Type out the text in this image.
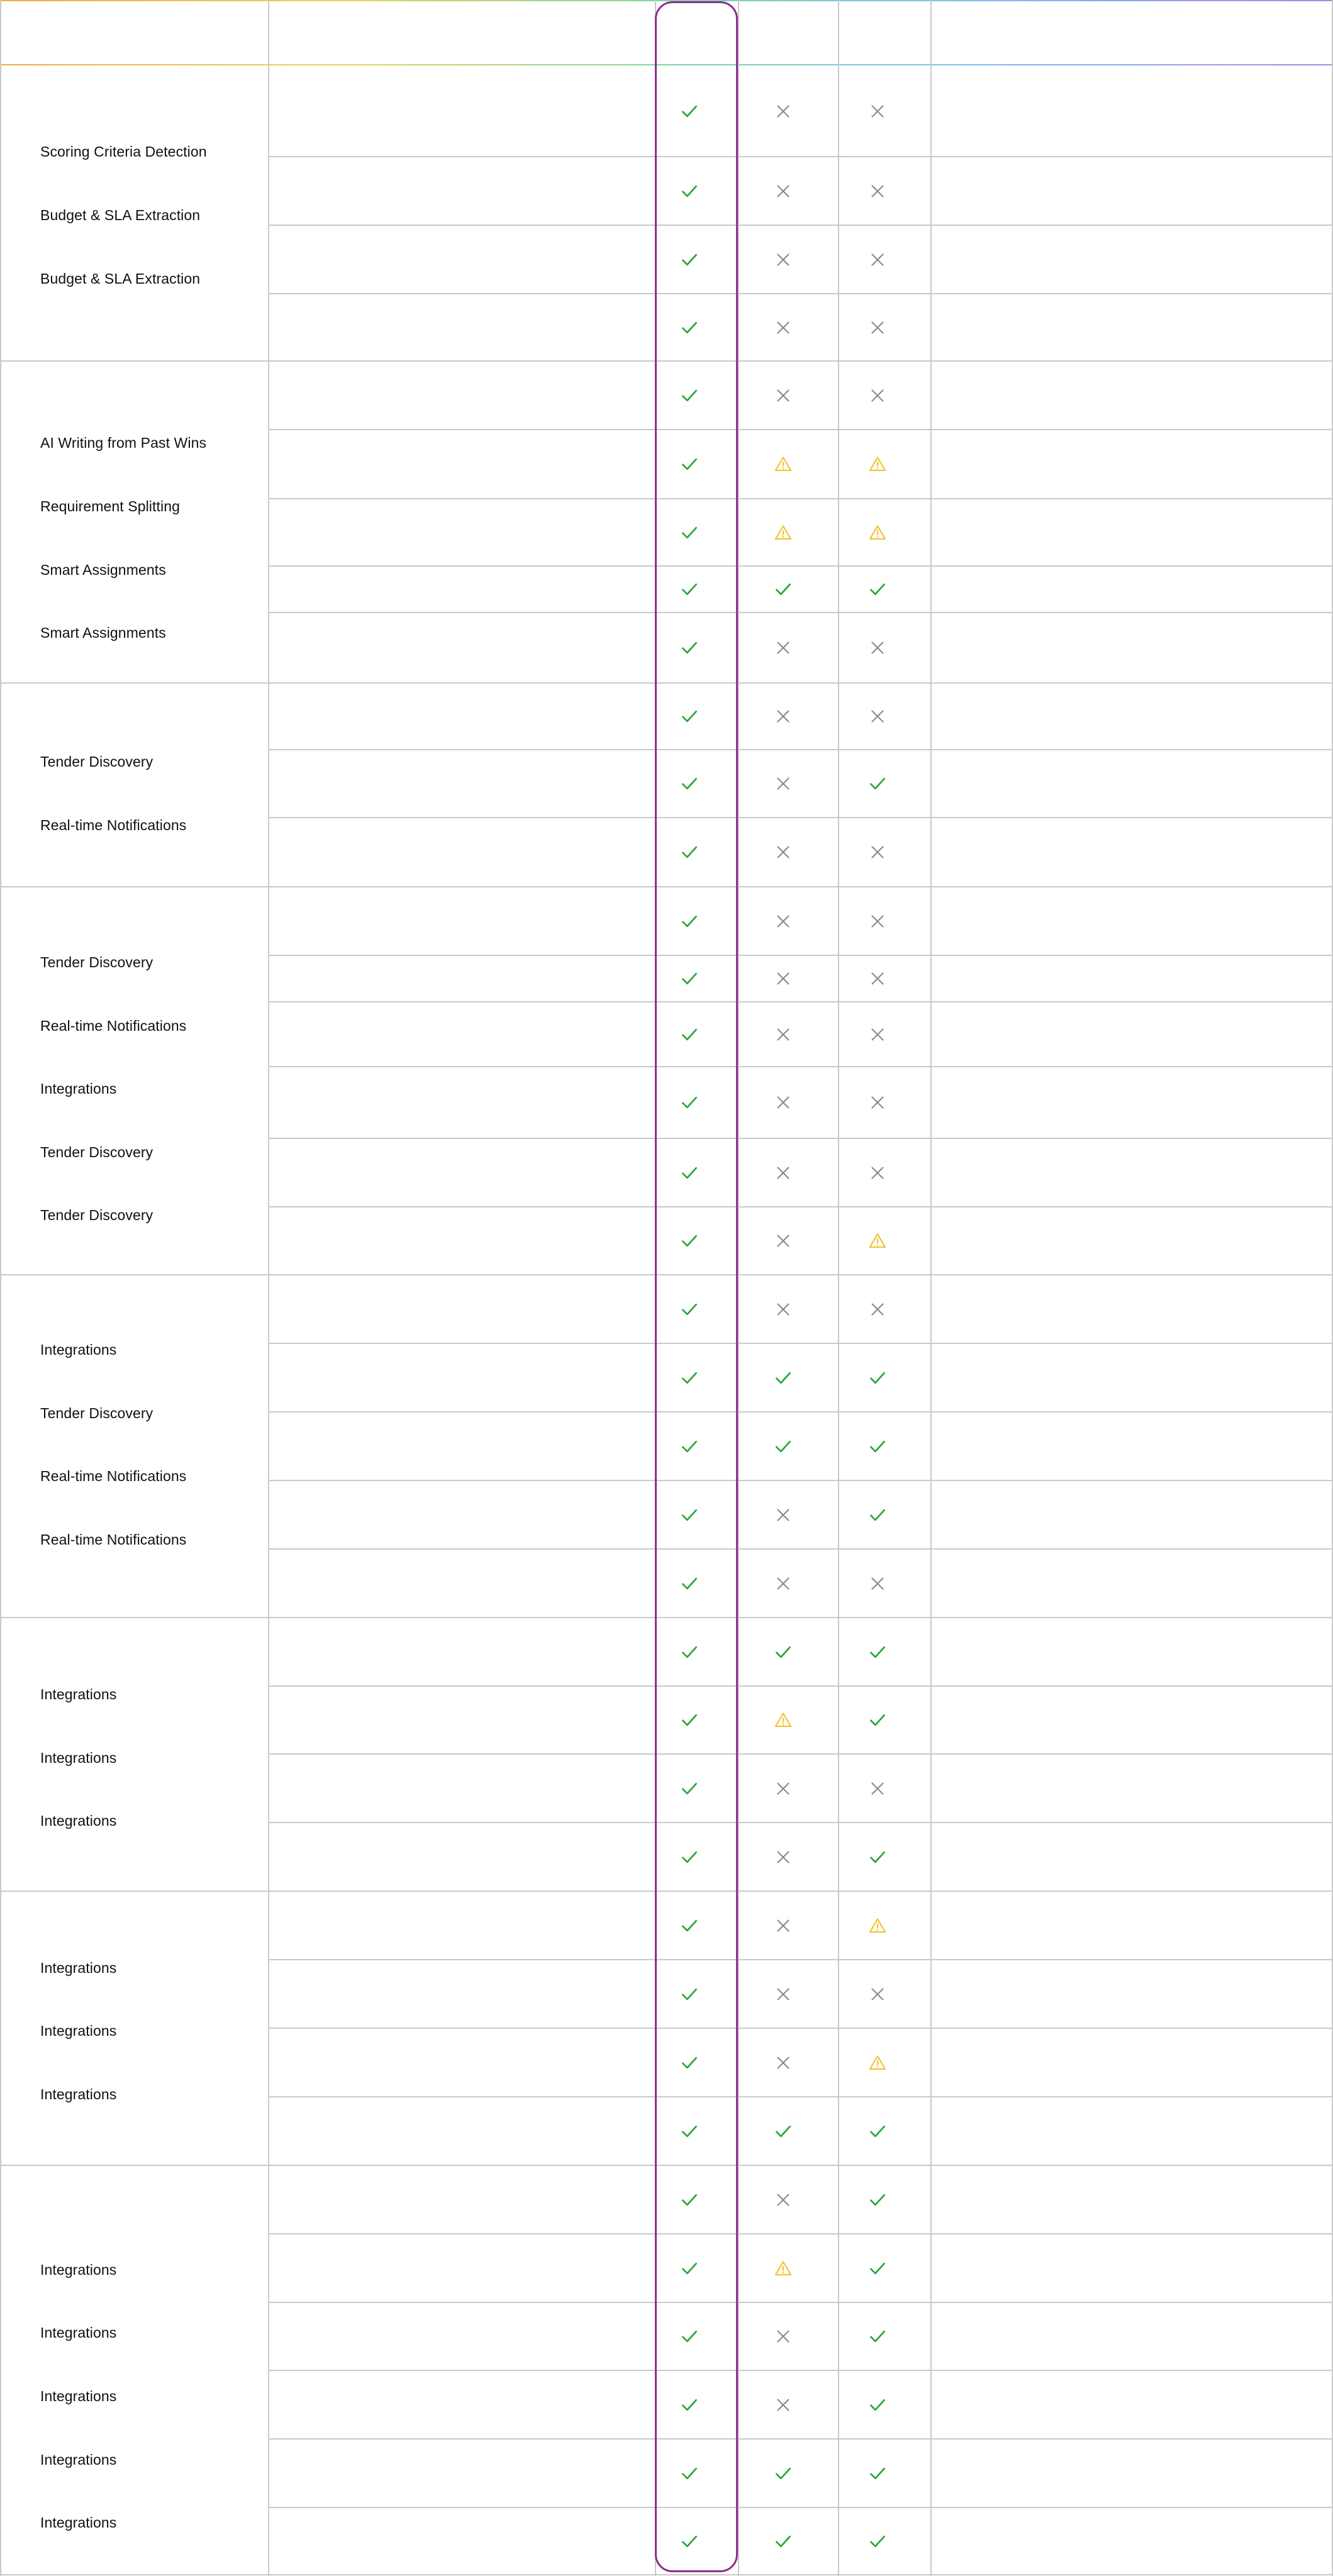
Scoring Criteria Detection
Budget & SLA Extraction
Budget & SLA Extraction
AI Writing from Past Wins
Requirement Splitting
Smart Assignments
Smart Assignments
Tender Discovery
Real-time Notifications
Tender Discovery
Real-time Notifications
Integrations
Tender Discovery
Tender Discovery
Integrations
Tender Discovery
Real-time Notifications
Real-time Notifications
Integrations
Integrations
Integrations
Integrations
Integrations
Integrations
Integrations
Integrations
Integrations
Integrations
Integrations
